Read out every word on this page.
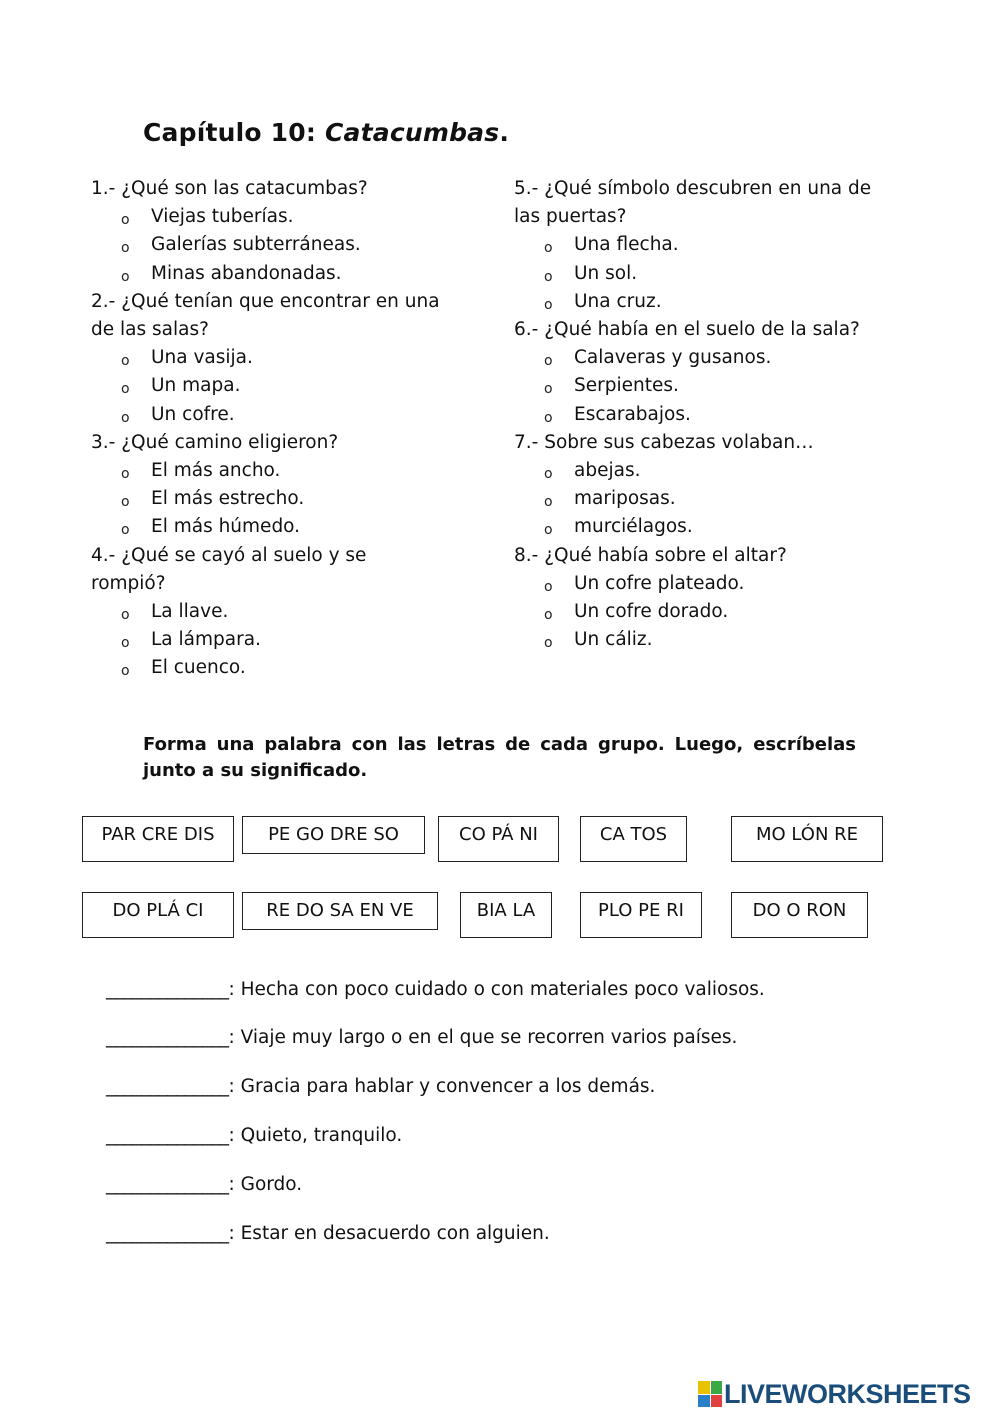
Capítulo 10: Catacumbas.

1.- ¿Qué son las catacumbas?

o Viejas tuberías.

o Galerías subterráneas.

o Minas abandonadas.

2.- ¿Qué tenían que encontrar en una

de las salas?

o Una vasija.

o Un mapa.

o Un cofre.

3.- ¿Qué camino eligieron?

o El más ancho.

o El más estrecho.

o El más húmedo.

4.- ¿Qué se cayó al suelo y se

rompió?

o La llave.

o La lámpara.

o El cuenco.

5.- ¿Qué símbolo descubren en una de

las puertas?

o Una flecha.

o Un sol.

o Una cruz.

6.- ¿Qué había en el suelo de la sala?

o Calaveras y gusanos.

o Serpientes.

o Escarabajos.

7.- Sobre sus cabezas volaban…

o abejas.

o mariposas.

o murciélagos.

8.- ¿Qué había sobre el altar?

o Un cofre plateado.

o Un cofre dorado.

o Un cáliz.

Forma una palabra con las letras de cada grupo. Luego, escríbelas junto a su significado.
PAR CRE DIS	PE GO DRE SO	CO PÁ NI	CA TOS	MO LÓN RE
DO PLÁ CI	RE DO SA EN VE	BIA LA	PLO PE RI	DO O RON
______________: Hecha con poco cuidado o con materiales poco valiosos.
______________: Viaje muy largo o en el que se recorren varios países.
______________: Gracia para hablar y convencer a los demás.
______________: Quieto, tranquilo.
______________: Gordo.
______________: Estar en desacuerdo con alguien.
LIVEWORKSHEETS
